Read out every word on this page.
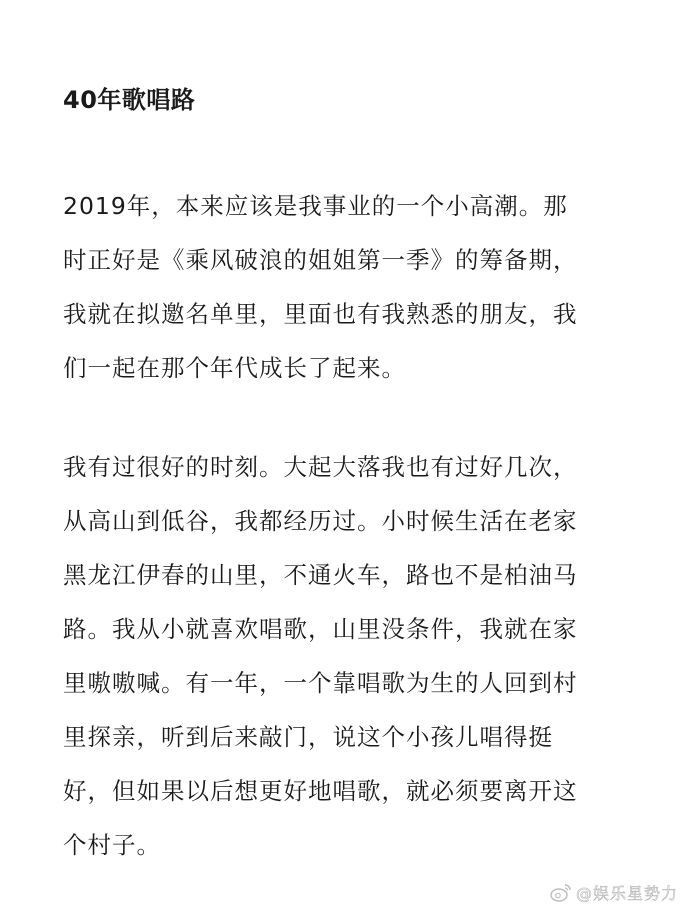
40年歌唱路
2019年，本来应该是我事业的一个小高潮。那
时正好是《乘风破浪的姐姐第一季》的筹备期，
我就在拟邀名单里，里面也有我熟悉的朋友，我
们一起在那个年代成长了起来。
我有过很好的时刻。大起大落我也有过好几次，
从高山到低谷，我都经历过。小时候生活在老家
黑龙江伊春的山里，不通火车，路也不是柏油马
路。我从小就喜欢唱歌，山里没条件，我就在家
里嗷嗷喊。有一年，一个靠唱歌为生的人回到村
里探亲，听到后来敲门，说这个小孩儿唱得挺
好，但如果以后想更好地唱歌，就必须要离开这
个村子。
@娱乐星势力
